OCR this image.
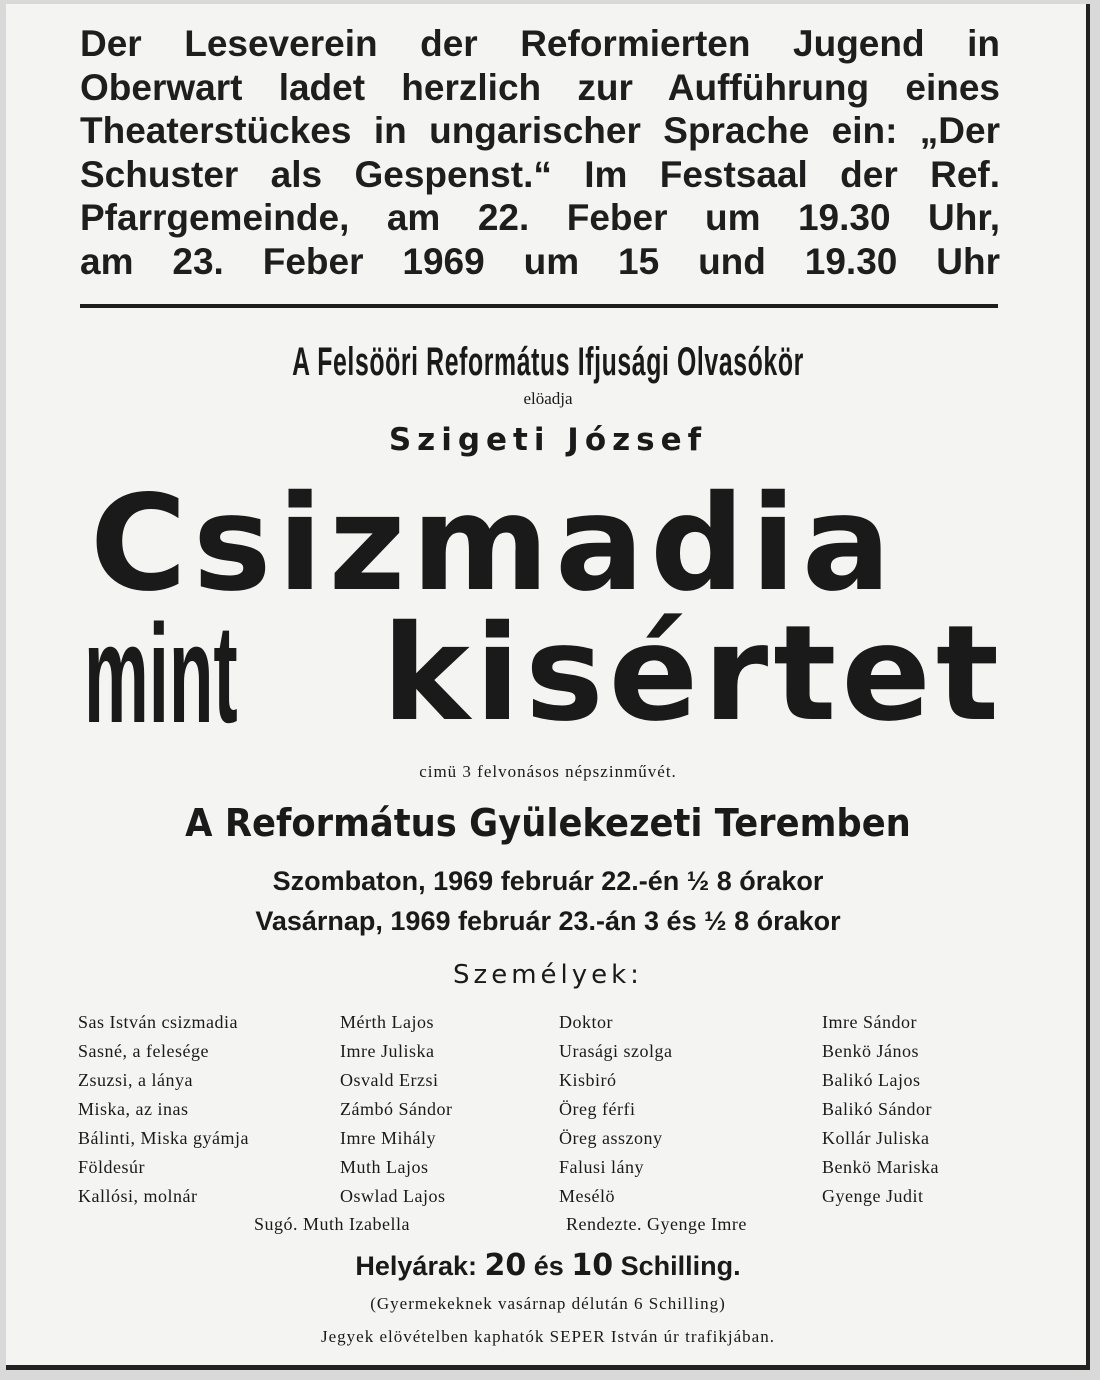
Der Leseverein der Reformierten Jugend in
Oberwart ladet herzlich zur Aufführung eines
Theaterstückes in ungarischer Sprache ein: „Der
Schuster als Gespenst.“ Im Festsaal der Ref.
Pfarrgemeinde, am 22. Feber um 19.30 Uhr,
am 23. Feber 1969 um 15 und 19.30 Uhr
A Felsööri Református Ifjusági Olvasókör
elöadja
Szigeti József
Csizmadia
mint kisértet
cimü 3 felvonásos népszinművét.
A Református Gyülekezeti Teremben
Szombaton, 1969 február 22.-én ½ 8 órakor
Vasárnap, 1969 február 23.-án 3 és ½ 8 órakor
Személyek:
Sas István csizmadia
Sasné, a felesége
Zsuzsi, a lánya
Miska, az inas
Bálinti, Miska gyámja
Földesúr
Kallósi, molnár
Mérth Lajos
Imre Juliska
Osvald Erzsi
Zámbó Sándor
Imre Mihály
Muth Lajos
Oswlad Lajos
Doktor
Urasági szolga
Kisbiró
Öreg férfi
Öreg asszony
Falusi lány
Mesélö
Imre Sándor
Benkö János
Balikó Lajos
Balikó Sándor
Kollár Juliska
Benkö Mariska
Gyenge Judit
Sugó. Muth Izabella	Rendezte. Gyenge Imre
Helyárak: 20 és 10 Schilling.
(Gyermekeknek vasárnap délután 6 Schilling)
Jegyek elövételben kaphatók SEPER István úr trafikjában.
